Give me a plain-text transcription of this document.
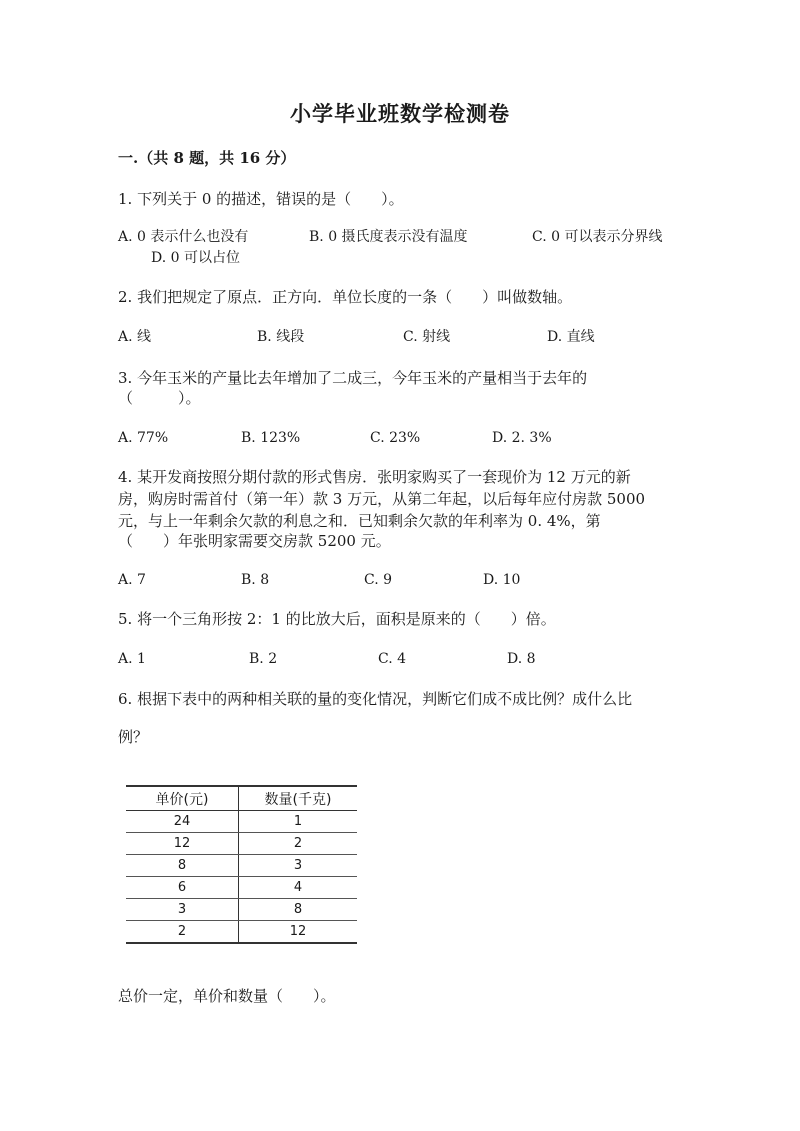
小学毕业班数学检测卷
一.（共 8 题，共 16 分）
1. 下列关于 0 的描述，错误的是（　　）。
A. 0 表示什么也没有	B. 0 摄氏度表示没有温度	C. 0 可以表示分界线
D. 0 可以占位
2. 我们把规定了原点．正方向．单位长度的一条（　　）叫做数轴。
A. 线	B. 线段	C. 射线	D. 直线
3. 今年玉米的产量比去年增加了二成三，今年玉米的产量相当于去年的
（　　　）。
A. 77%	B. 123%	C. 23%	D. 2. 3%
4. 某开发商按照分期付款的形式售房．张明家购买了一套现价为 12 万元的新
房，购房时需首付（第一年）款 3 万元，从第二年起，以后每年应付房款 5000
元，与上一年剩余欠款的利息之和．已知剩余欠款的年利率为 0. 4%，第
（　　）年张明家需要交房款 5200 元。
A. 7	B. 8	C. 9	D. 10
5. 将一个三角形按 2：1 的比放大后，面积是原来的（　　）倍。
A. 1	B. 2	C. 4	D. 8
6. 根据下表中的两种相关联的量的变化情况，判断它们成不成比例？成什么比
例？
单价(元)	数量(千克)
24	1
12	2
8	3
6	4
3	8
2	12
总价一定，单价和数量（　　）。
